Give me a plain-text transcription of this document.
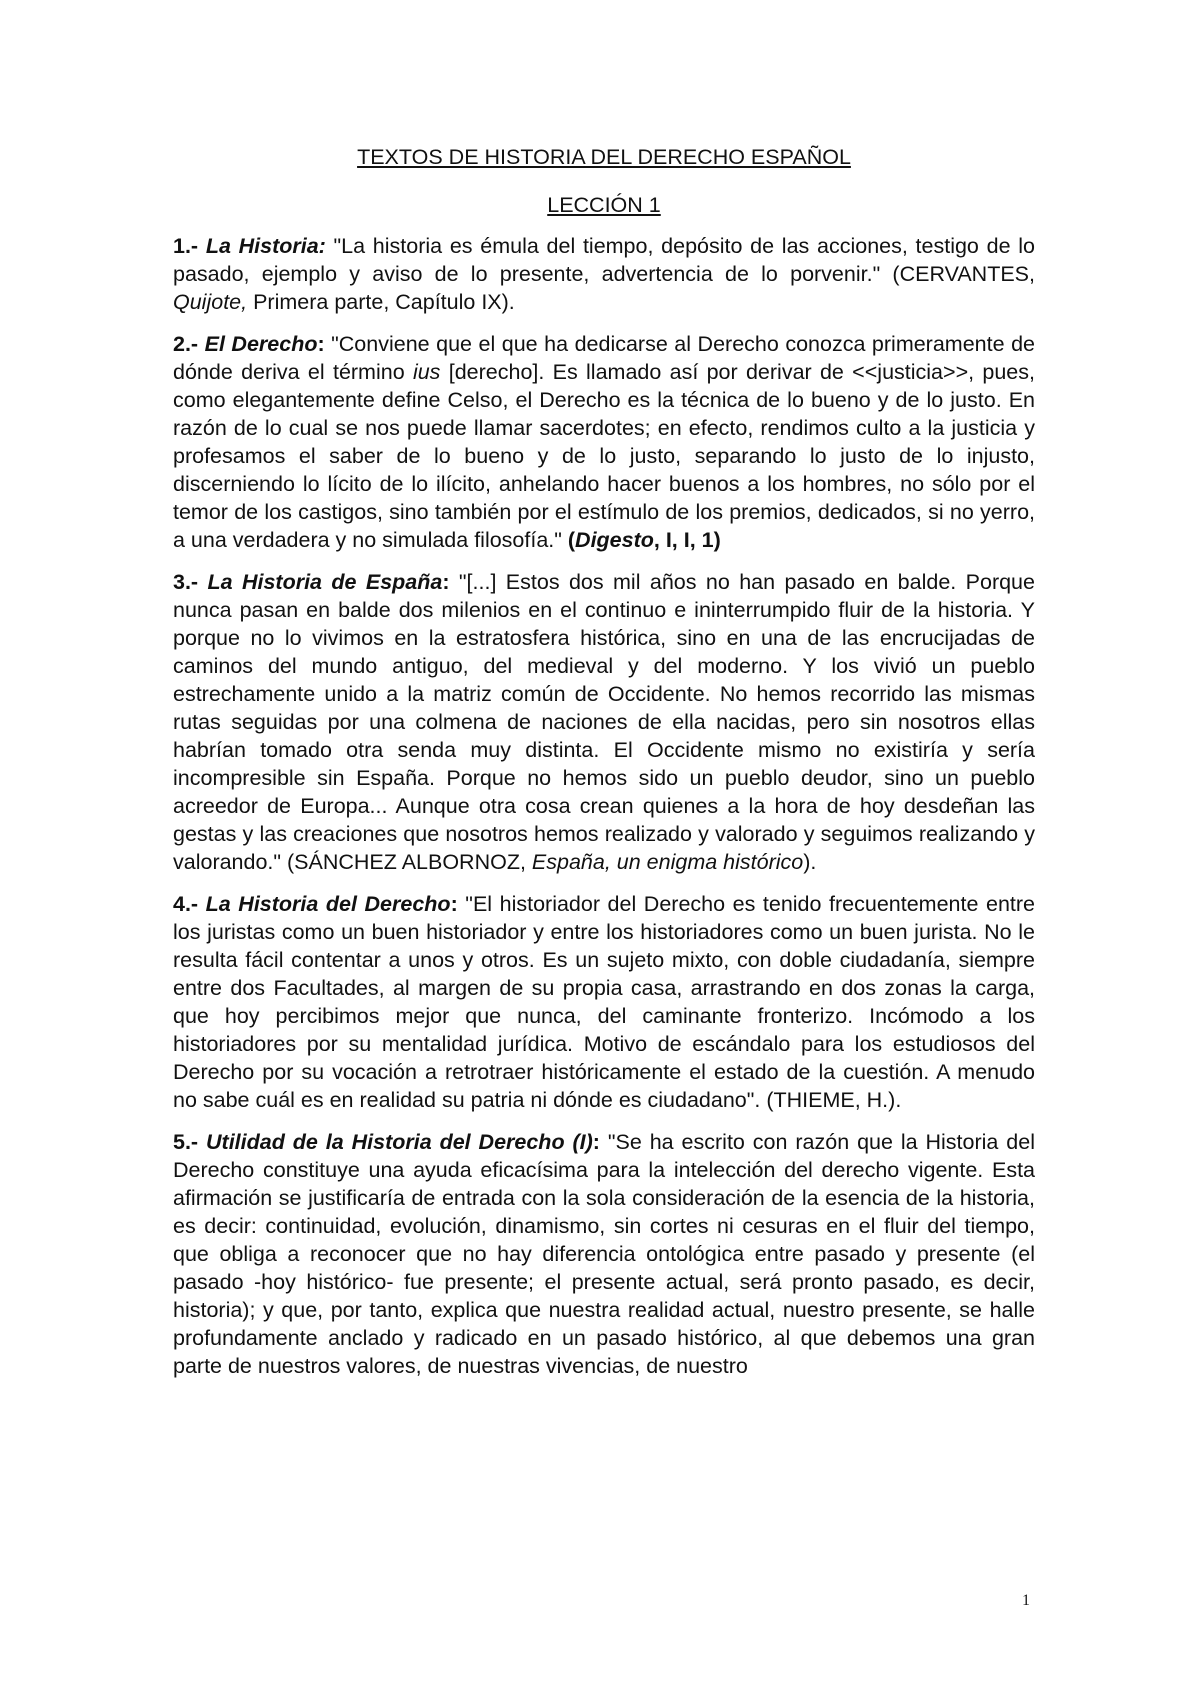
TEXTOS DE HISTORIA DEL DERECHO ESPAÑOL
LECCIÓN 1

1.- La Historia: "La historia es émula del tiempo, depósito de las acciones, testigo de lo pasado, ejemplo y aviso de lo presente, advertencia de lo porvenir." (CERVANTES, Quijote, Primera parte, Capítulo IX).

2.- El Derecho: "Conviene que el que ha dedicarse al Derecho conozca primeramente de dónde deriva el término ius [derecho]. Es llamado así por derivar de <<justicia>>, pues, como elegantemente define Celso, el Derecho es la técnica de lo bueno y de lo justo. En razón de lo cual se nos puede llamar sacerdotes; en efecto, rendimos culto a la justicia y profesamos el saber de lo bueno y de lo justo, separando lo justo de lo injusto, discerniendo lo lícito de lo ilícito, anhelando hacer buenos a los hombres, no sólo por el temor de los castigos, sino también por el estímulo de los premios, dedicados, si no yerro, a una verdadera y no simulada filosofía." (Digesto, I, I, 1)

3.- La Historia de España: "[...] Estos dos mil años no han pasado en balde. Porque nunca pasan en balde dos milenios en el continuo e ininterrumpido fluir de la historia. Y porque no lo vivimos en la estratosfera histórica, sino en una de las encrucijadas de caminos del mundo antiguo, del medieval y del moderno. Y los vivió un pueblo estrechamente unido a la matriz común de Occidente. No hemos recorrido las mismas rutas seguidas por una colmena de naciones de ella nacidas, pero sin nosotros ellas habrían tomado otra senda muy distinta. El Occidente mismo no existiría y sería incompresible sin España. Porque no hemos sido un pueblo deudor, sino un pueblo acreedor de Europa... Aunque otra cosa crean quienes a la hora de hoy desdeñan las gestas y las creaciones que nosotros hemos realizado y valorado y seguimos realizando y valorando." (SÁNCHEZ ALBORNOZ, España, un enigma histórico).

4.- La Historia del Derecho: "El historiador del Derecho es tenido frecuentemente entre los juristas como un buen historiador y entre los historiadores como un buen jurista. No le resulta fácil contentar a unos y otros. Es un sujeto mixto, con doble ciudadanía, siempre entre dos Facultades, al margen de su propia casa, arrastrando en dos zonas la carga, que hoy percibimos mejor que nunca, del caminante fronterizo. Incómodo a los historiadores por su mentalidad jurídica. Motivo de escándalo para los estudiosos del Derecho por su vocación a retrotraer históricamente el estado de la cuestión. A menudo no sabe cuál es en realidad su patria ni dónde es ciudadano". (THIEME, H.).

5.- Utilidad de la Historia del Derecho (I): "Se ha escrito con razón que la Historia del Derecho constituye una ayuda eficacísima para la intelección del derecho vigente. Esta afirmación se justificaría de entrada con la sola consideración de la esencia de la historia, es decir: continuidad, evolución, dinamismo, sin cortes ni cesuras en el fluir del tiempo, que obliga a reconocer que no hay diferencia ontológica entre pasado y presente (el pasado -hoy histórico- fue presente; el presente actual, será pronto pasado, es decir, historia); y que, por tanto, explica que nuestra realidad actual, nuestro presente, se halle profundamente anclado y radicado en un pasado histórico, al que debemos una gran parte de nuestros valores, de nuestras vivencias, de nuestro

1
